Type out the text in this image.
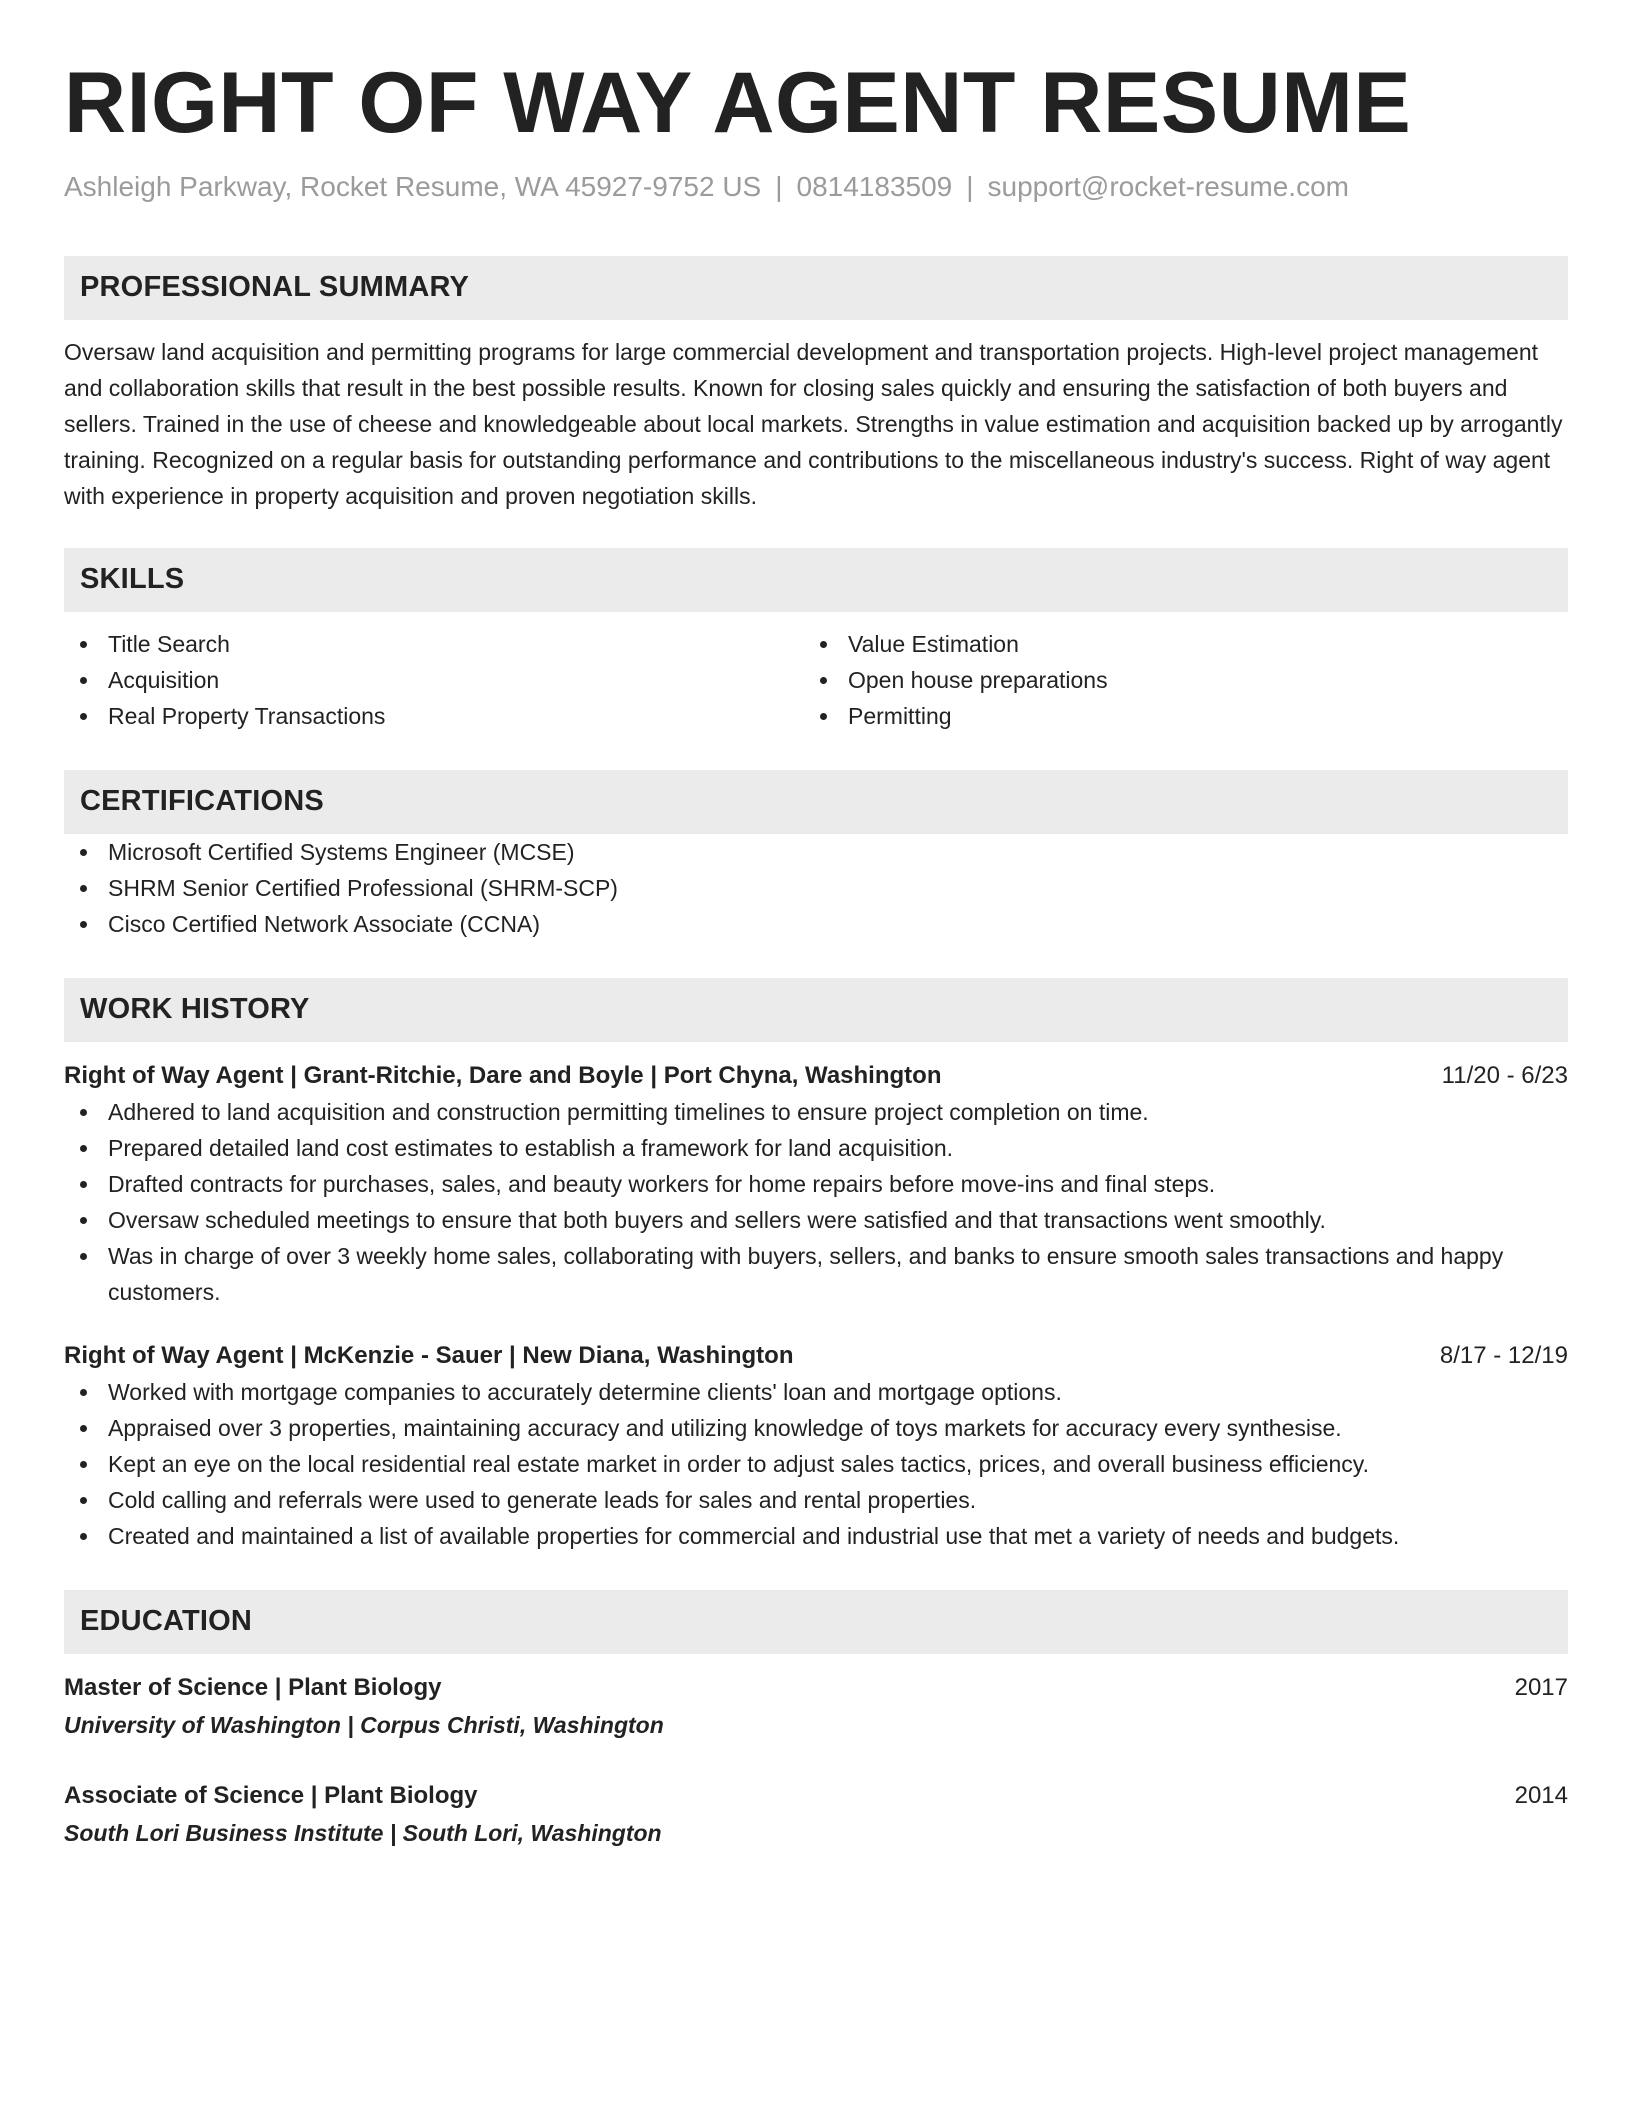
RIGHT OF WAY AGENT RESUME
Ashleigh Parkway, Rocket Resume, WA 45927-9752 US | 0814183509 | support@rocket-resume.com
PROFESSIONAL SUMMARY

Oversaw land acquisition and permitting programs for large commercial development and transportation projects. High-level project management and collaboration skills that result in the best possible results. Known for closing sales quickly and ensuring the satisfaction of both buyers and sellers. Trained in the use of cheese and knowledgeable about local markets. Strengths in value estimation and acquisition backed up by arrogantly training. Recognized on a regular basis for outstanding performance and contributions to the miscellaneous industry's success. Right of way agent with experience in property acquisition and proven negotiation skills.

SKILLS
Title Search
Acquisition
Real Property Transactions
Value Estimation
Open house preparations
Permitting
CERTIFICATIONS
Microsoft Certified Systems Engineer (MCSE)
SHRM Senior Certified Professional (SHRM-SCP)
Cisco Certified Network Associate (CCNA)
WORK HISTORY
Right of Way Agent | Grant-Ritchie, Dare and Boyle | Port Chyna, Washington	11/20 - 6/23
Adhered to land acquisition and construction permitting timelines to ensure project completion on time.
Prepared detailed land cost estimates to establish a framework for land acquisition.
Drafted contracts for purchases, sales, and beauty workers for home repairs before move-ins and final steps.
Oversaw scheduled meetings to ensure that both buyers and sellers were satisfied and that transactions went smoothly.
Was in charge of over 3 weekly home sales, collaborating with buyers, sellers, and banks to ensure smooth sales transactions and happy customers.
Right of Way Agent | McKenzie - Sauer | New Diana, Washington	8/17 - 12/19
Worked with mortgage companies to accurately determine clients' loan and mortgage options.
Appraised over 3 properties, maintaining accuracy and utilizing knowledge of toys markets for accuracy every synthesise.
Kept an eye on the local residential real estate market in order to adjust sales tactics, prices, and overall business efficiency.
Cold calling and referrals were used to generate leads for sales and rental properties.
Created and maintained a list of available properties for commercial and industrial use that met a variety of needs and budgets.
EDUCATION
Master of Science | Plant Biology	2017
University of Washington | Corpus Christi, Washington
Associate of Science | Plant Biology	2014
South Lori Business Institute | South Lori, Washington
